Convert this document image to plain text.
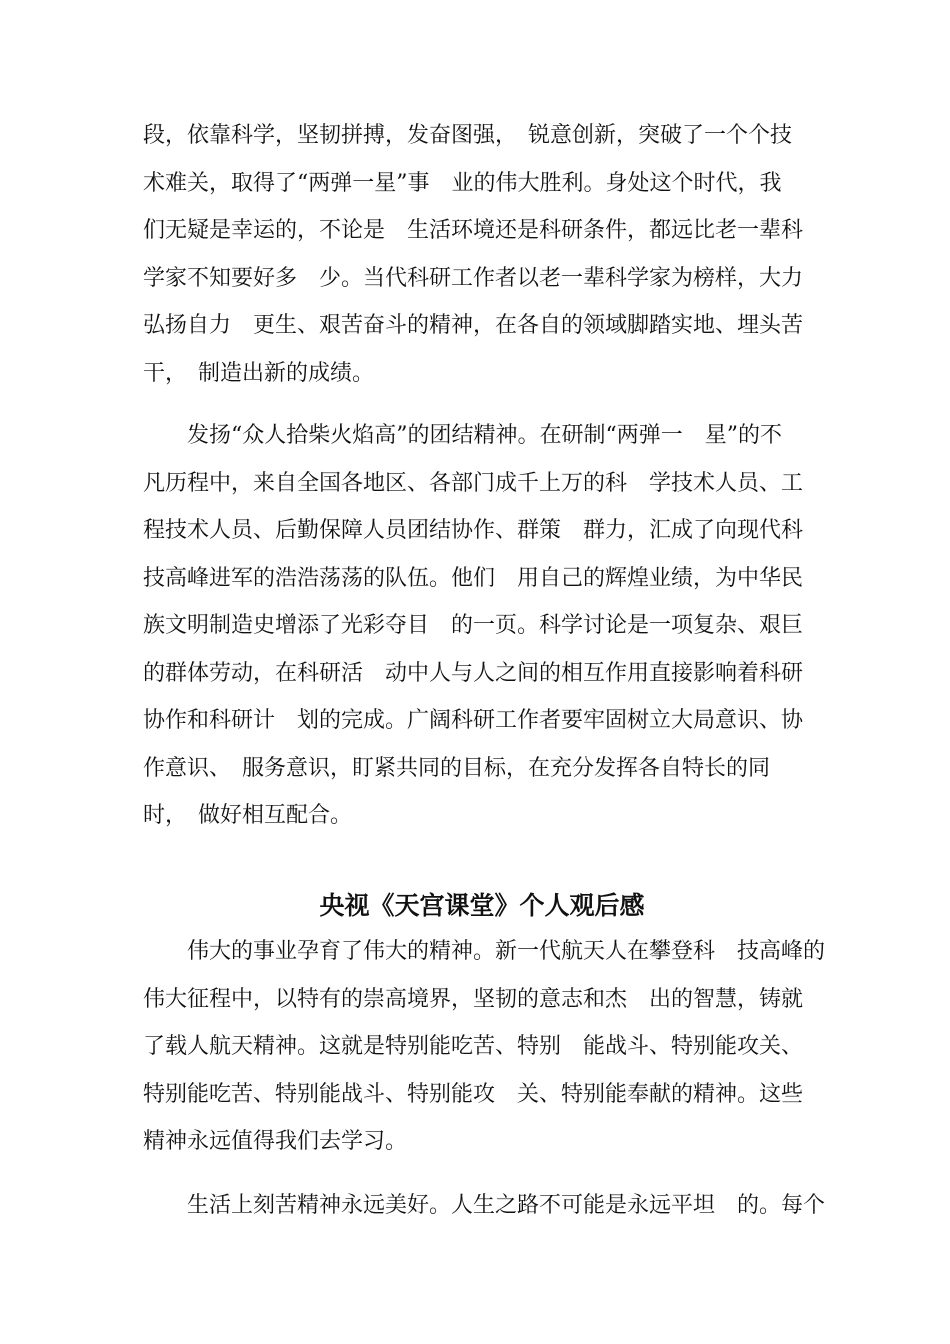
段，依靠科学，坚韧拼搏，发奋图强，　锐意创新，突破了一个个技
术难关，取得了“两弹一星”事　业的伟大胜利。身处这个时代，我
们无疑是幸运的，不论是　生活环境还是科研条件，都远比老一辈科
学家不知要好多　少。当代科研工作者以老一辈科学家为榜样，大力
弘扬自力　更生、艰苦奋斗的精神，在各自的领域脚踏实地、埋头苦
干，　制造出新的成绩。

　　发扬“众人拾柴火焰高”的团结精神。在研制“两弹一　星”的不
凡历程中，来自全国各地区、各部门成千上万的科　学技术人员、工
程技术人员、后勤保障人员团结协作、群策　群力，汇成了向现代科
技高峰进军的浩浩荡荡的队伍。他们　用自己的辉煌业绩，为中华民
族文明制造史增添了光彩夺目　的一页。科学讨论是一项复杂、艰巨
的群体劳动，在科研活　动中人与人之间的相互作用直接影响着科研
协作和科研计　划的完成。广阔科研工作者要牢固树立大局意识、协
作意识、　服务意识，盯紧共同的目标，在充分发挥各自特长的同
时，　做好相互配合。

央视《天宫课堂》个人观后感

　　伟大的事业孕育了伟大的精神。新一代航天人在攀登科　技高峰的
伟大征程中，以特有的崇高境界，坚韧的意志和杰　出的智慧，铸就
了载人航天精神。这就是特别能吃苦、特别　能战斗、特别能攻关、
特别能吃苦、特别能战斗、特别能攻　关、特别能奉献的精神。这些
精神永远值得我们去学习。

　　生活上刻苦精神永远美好。人生之路不可能是永远平坦　的。每个
